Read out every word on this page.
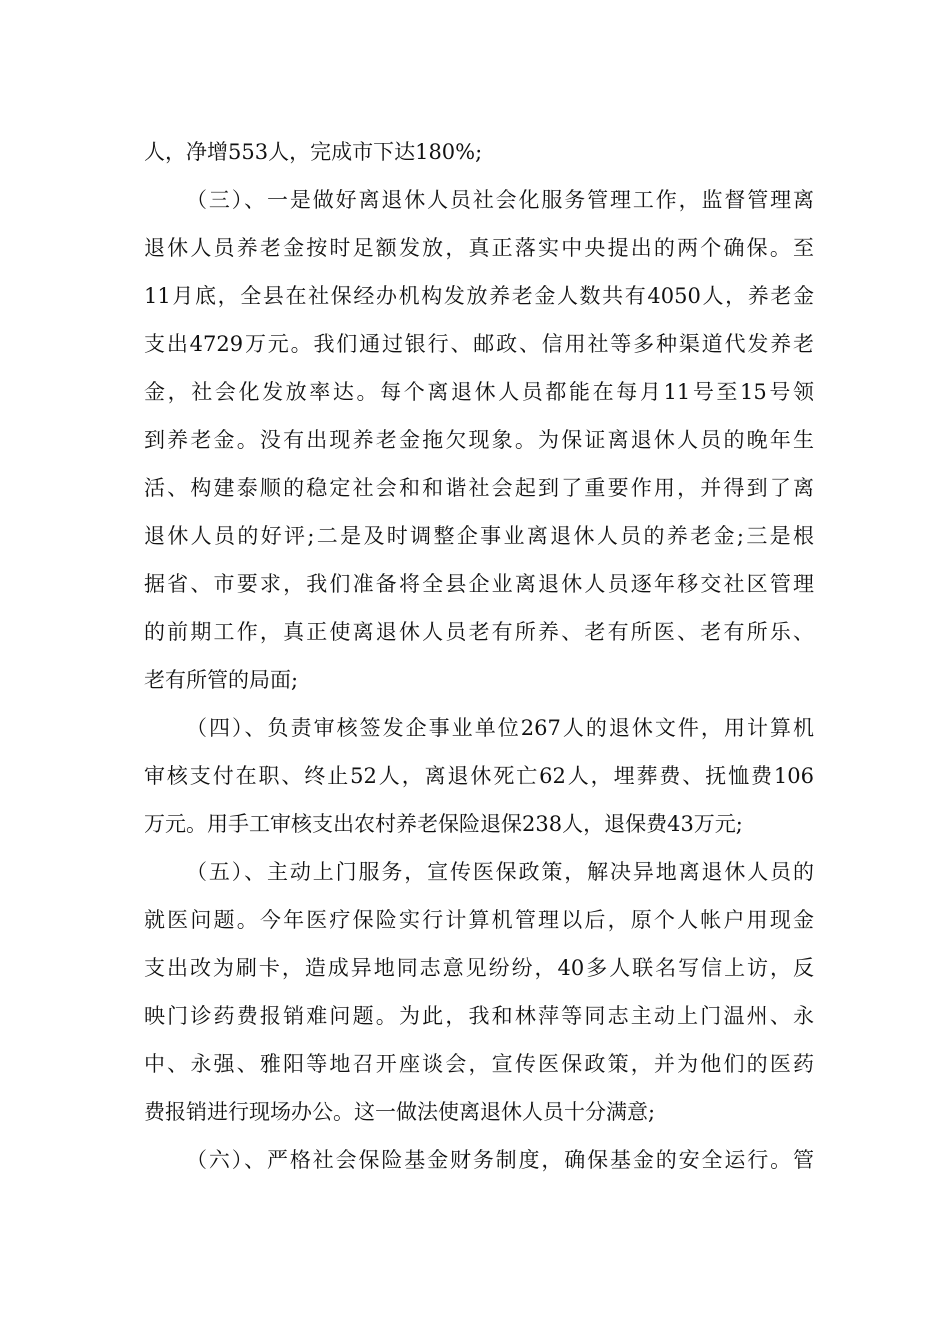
人，净增553人，完成市下达180%;
（三）、一是做好离退休人员社会化服务管理工作，监督管理离
退休人员养老金按时足额发放，真正落实中央提出的两个确保。至
11月底，全县在社保经办机构发放养老金人数共有4050人，养老金
支出4729万元。我们通过银行、邮政、信用社等多种渠道代发养老
金，社会化发放率达。每个离退休人员都能在每月11号至15号领
到养老金。没有出现养老金拖欠现象。为保证离退休人员的晚年生
活、构建泰顺的稳定社会和和谐社会起到了重要作用，并得到了离
退休人员的好评;二是及时调整企事业离退休人员的养老金;三是根
据省、市要求，我们准备将全县企业离退休人员逐年移交社区管理
的前期工作，真正使离退休人员老有所养、老有所医、老有所乐、
老有所管的局面;
（四）、负责审核签发企事业单位267人的退休文件，用计算机
审核支付在职、终止52人，离退休死亡62人，埋葬费、抚恤费106
万元。用手工审核支出农村养老保险退保238人，退保费43万元;
（五）、主动上门服务，宣传医保政策，解决异地离退休人员的
就医问题。今年医疗保险实行计算机管理以后，原个人帐户用现金
支出改为刷卡，造成异地同志意见纷纷，40多人联名写信上访，反
映门诊药费报销难问题。为此，我和林萍等同志主动上门温州、永
中、永强、雅阳等地召开座谈会，宣传医保政策，并为他们的医药
费报销进行现场办公。这一做法使离退休人员十分满意;
（六）、严格社会保险基金财务制度，确保基金的安全运行。管
